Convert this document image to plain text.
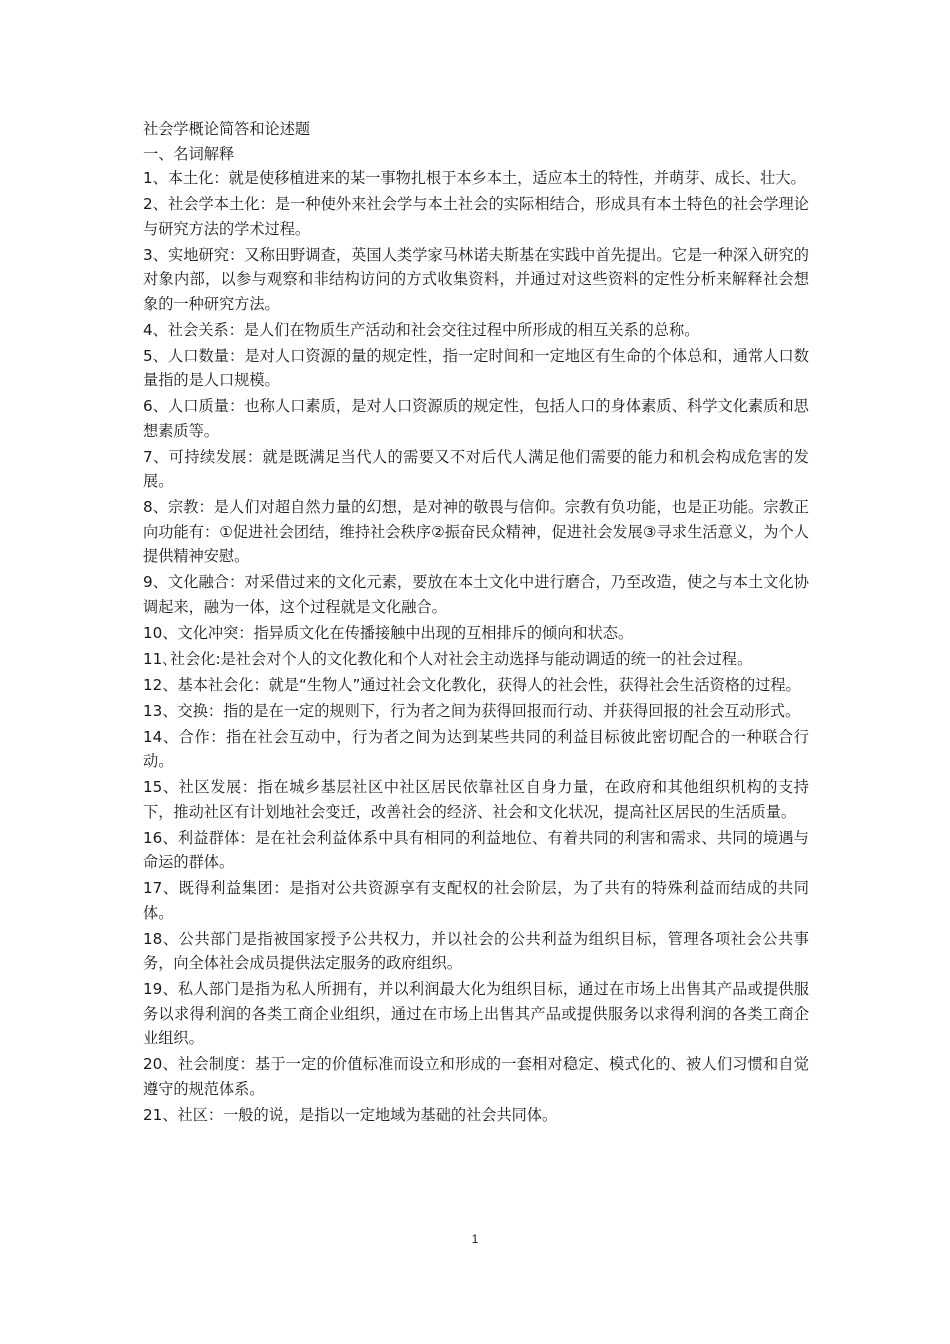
社会学概论简答和论述题

一、名词解释

1、本土化：就是使移植进来的某一事物扎根于本乡本土，适应本土的特性，并萌芽、成长、壮大。

2、社会学本土化：是一种使外来社会学与本土社会的实际相结合，形成具有本土特色的社会学理论与研究方法的学术过程。

3、实地研究：又称田野调查，英国人类学家马林诺夫斯基在实践中首先提出。它是一种深入研究的对象内部，以参与观察和非结构访问的方式收集资料，并通过对这些资料的定性分析来解释社会想象的一种研究方法。

4、社会关系：是人们在物质生产活动和社会交往过程中所形成的相互关系的总称。

5、人口数量：是对人口资源的量的规定性，指一定时间和一定地区有生命的个体总和，通常人口数量指的是人口规模。

6、人口质量：也称人口素质，是对人口资源质的规定性，包括人口的身体素质、科学文化素质和思想素质等。

7、可持续发展：就是既满足当代人的需要又不对后代人满足他们需要的能力和机会构成危害的发展。

8、宗教：是人们对超自然力量的幻想，是对神的敬畏与信仰。宗教有负功能，也是正功能。宗教正向功能有：①促进社会团结，维持社会秩序②振奋民众精神，促进社会发展③寻求生活意义，为个人提供精神安慰。

9、文化融合：对采借过来的文化元素，要放在本土文化中进行磨合，乃至改造，使之与本土文化协调起来，融为一体，这个过程就是文化融合。

10、文化冲突：指异质文化在传播接触中出现的互相排斥的倾向和状态。

11､社会化:是社会对个人的文化教化和个人对社会主动选择与能动调适的统一的社会过程。

12、基本社会化：就是“生物人”通过社会文化教化，获得人的社会性，获得社会生活资格的过程。

13、交换：指的是在一定的规则下，行为者之间为获得回报而行动、并获得回报的社会互动形式。

14、合作：指在社会互动中，行为者之间为达到某些共同的利益目标彼此密切配合的一种联合行动。

15、社区发展：指在城乡基层社区中社区居民依靠社区自身力量，在政府和其他组织机构的支持下，推动社区有计划地社会变迁，改善社会的经济、社会和文化状况，提高社区居民的生活质量。

16、利益群体：是在社会利益体系中具有相同的利益地位、有着共同的利害和需求、共同的境遇与命运的群体。

17、既得利益集团：是指对公共资源享有支配权的社会阶层，为了共有的特殊利益而结成的共同体。

18、公共部门是指被国家授予公共权力，并以社会的公共利益为组织目标，管理各项社会公共事务，向全体社会成员提供法定服务的政府组织。

19、私人部门是指为私人所拥有，并以利润最大化为组织目标，通过在市场上出售其产品或提供服务以求得利润的各类工商企业组织，通过在市场上出售其产品或提供服务以求得利润的各类工商企业组织。

20、社会制度：基于一定的价值标准而设立和形成的一套相对稳定、模式化的、被人们习惯和自觉遵守的规范体系。

21、社区：一般的说，是指以一定地域为基础的社会共同体。

1
